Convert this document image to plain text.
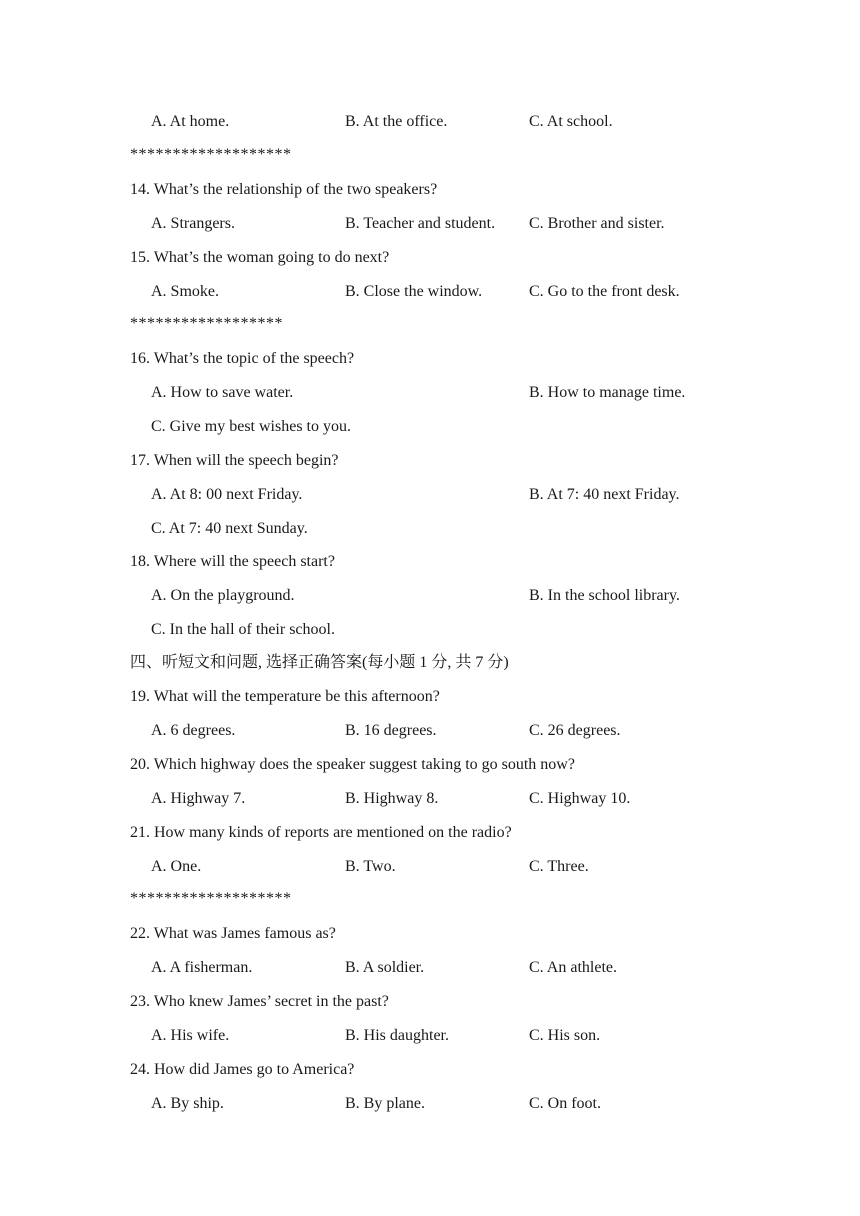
A. At home.	B. At the office.	C. At school.
*******************
14. What’s the relationship of the two speakers?
A. Strangers.	B. Teacher and student. C. Brother and sister.
15. What’s the woman going to do next?
A. Smoke.	B. Close the window.	C. Go to the front desk.
******************
16. What’s the topic of the speech?
A. How to save water.	B. How to manage time.
C. Give my best wishes to you.
17. When will the speech begin?
A. At 8: 00 next Friday.	B. At 7: 40 next Friday.
C. At 7: 40 next Sunday.
18. Where will the speech start?
A. On the playground.	B. In the school library.
C. In the hall of their school.
四、听短文和问题, 选择正确答案(每小题 1 分, 共 7 分)
19. What will the temperature be this afternoon?
A. 6 degrees.	B. 16 degrees.	C. 26 degrees.
20. Which highway does the speaker suggest taking to go south now?
A. Highway 7.	B. Highway 8.	C. Highway 10.
21. How many kinds of reports are mentioned on the radio?
A. One.	B. Two.	C. Three.
*******************
22. What was James famous as?
A. A fisherman.	B. A soldier.	C. An athlete.
23. Who knew James’ secret in the past?
A. His wife.	B. His daughter.	C. His son.
24. How did James go to America?
A. By ship.	B. By plane.	C. On foot.
